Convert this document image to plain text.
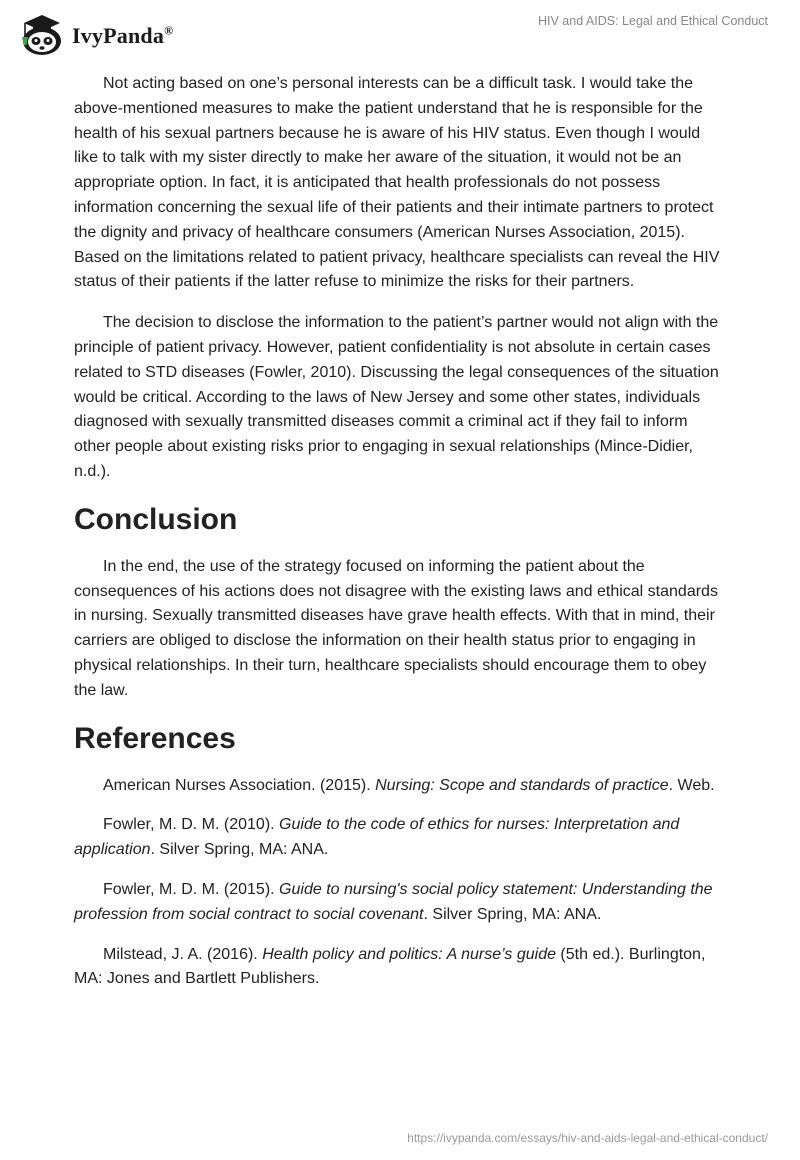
IvyPanda®
HIV and AIDS: Legal and Ethical Conduct

Not acting based on one’s personal interests can be a difficult task. I would take the above-mentioned measures to make the patient understand that he is responsible for the health of his sexual partners because he is aware of his HIV status. Even though I would like to talk with my sister directly to make her aware of the situation, it would not be an appropriate option. In fact, it is anticipated that health professionals do not possess information concerning the sexual life of their patients and their intimate partners to protect the dignity and privacy of healthcare consumers (American Nurses Association, 2015). Based on the limitations related to patient privacy, healthcare specialists can reveal the HIV status of their patients if the latter refuse to minimize the risks for their partners.

The decision to disclose the information to the patient’s partner would not align with the principle of patient privacy. However, patient confidentiality is not absolute in certain cases related to STD diseases (Fowler, 2010). Discussing the legal consequences of the situation would be critical. According to the laws of New Jersey and some other states, individuals diagnosed with sexually transmitted diseases commit a criminal act if they fail to inform other people about existing risks prior to engaging in sexual relationships (Mince-Didier, n.d.).

Conclusion

In the end, the use of the strategy focused on informing the patient about the consequences of his actions does not disagree with the existing laws and ethical standards in nursing. Sexually transmitted diseases have grave health effects. With that in mind, their carriers are obliged to disclose the information on their health status prior to engaging in physical relationships. In their turn, healthcare specialists should encourage them to obey the law.

References

American Nurses Association. (2015). Nursing: Scope and standards of practice. Web.

Fowler, M. D. M. (2010). Guide to the code of ethics for nurses: Interpretation and application. Silver Spring, MA: ANA.

Fowler, M. D. M. (2015). Guide to nursing's social policy statement: Understanding the profession from social contract to social covenant. Silver Spring, MA: ANA.

Milstead, J. A. (2016). Health policy and politics: A nurse’s guide (5th ed.). Burlington, MA: Jones and Bartlett Publishers.

https://ivypanda.com/essays/hiv-and-aids-legal-and-ethical-conduct/
